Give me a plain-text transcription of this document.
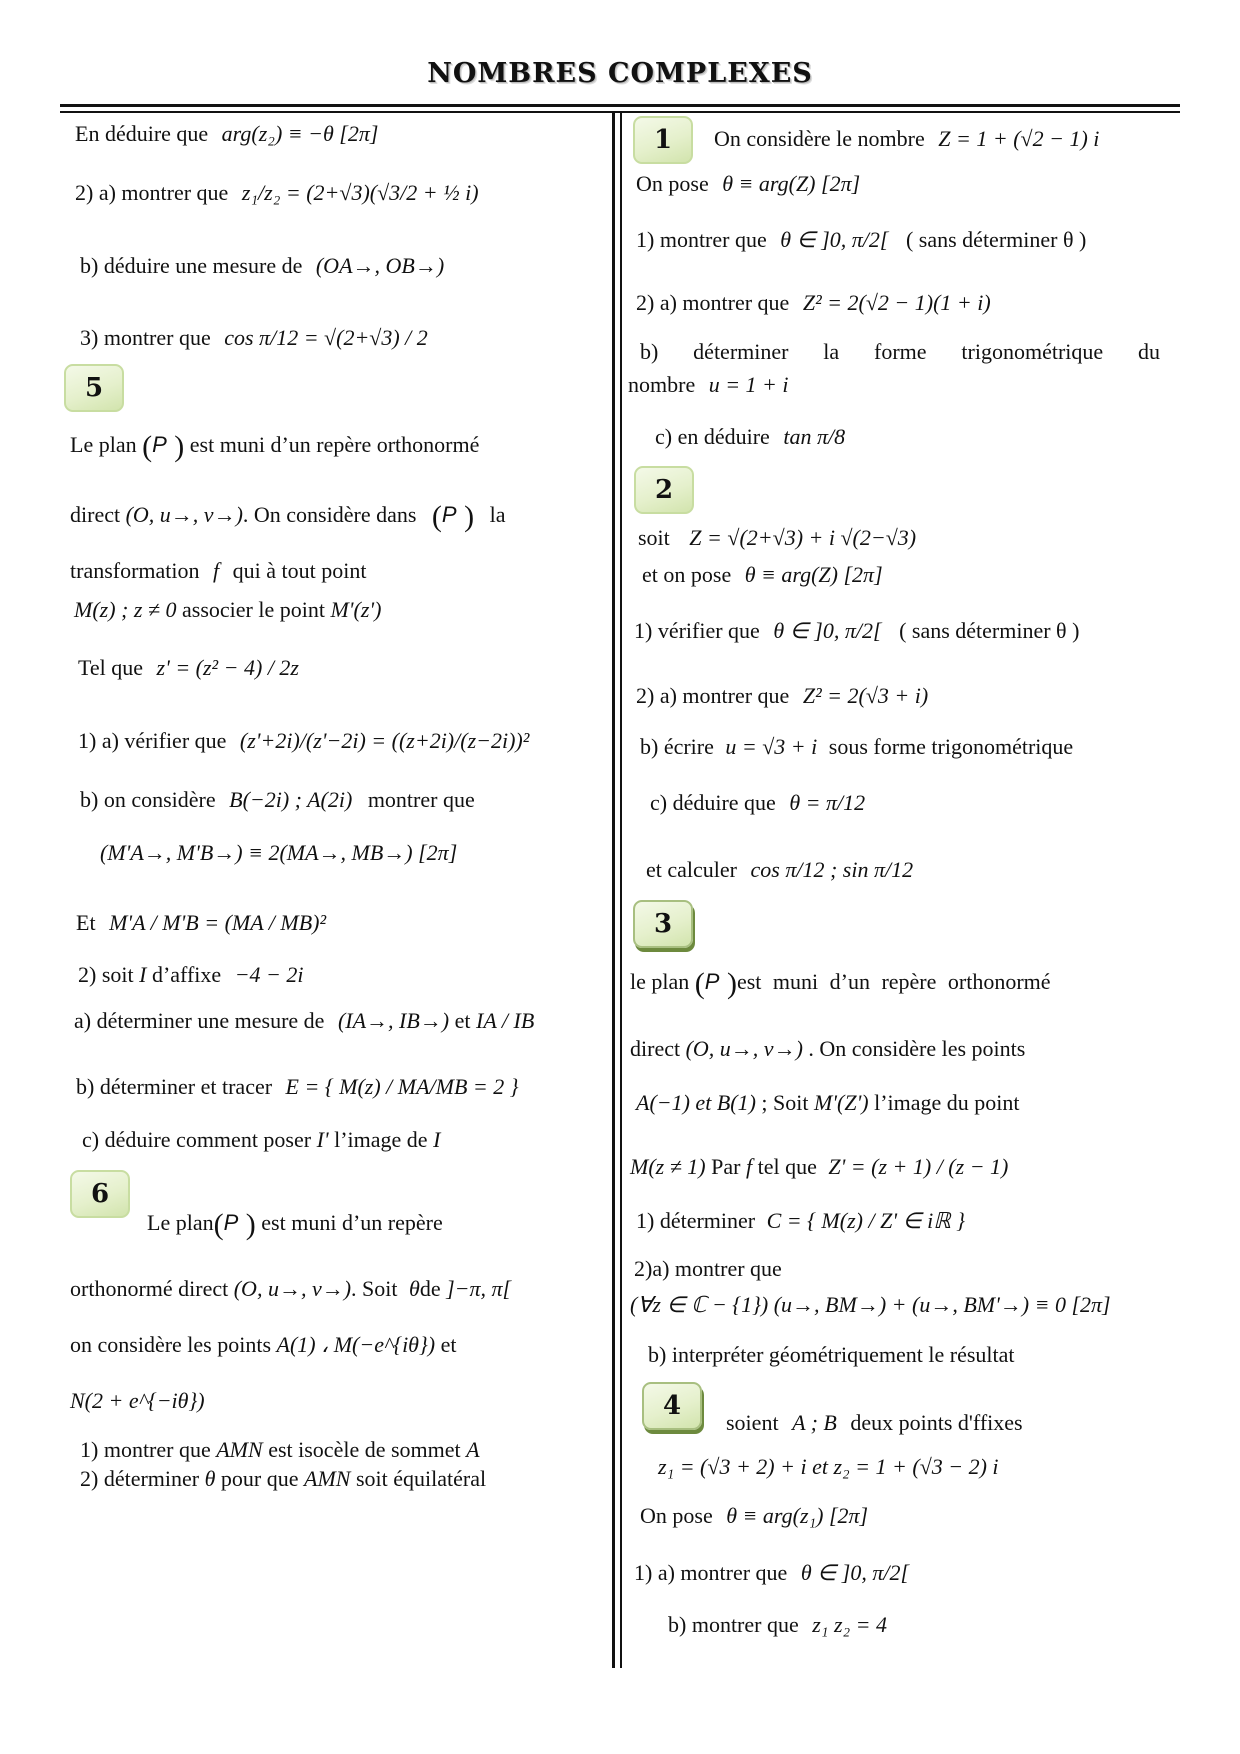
NOMBRES COMPLEXES
En déduire que arg(z₂) ≡ −θ [2π]
2) a) montrer que z₁/z₂ = (2+√3)(√3/2 + ½ i)
b) déduire une mesure de (OA→, OB→)
3) montrer que cos π/12 = √(2+√3) / 2
5
Le plan (P ) est muni d’un repère orthonormé
direct (O, u→, v→). On considère dans (P ) la
transformation f qui à tout point
M(z) ; z ≠ 0 associer le point M'(z')
Tel que z' = (z² − 4) / 2z
1) a) vérifier que (z'+2i)/(z'−2i) = ((z+2i)/(z−2i))²
b) on considère B(−2i) ; A(2i) montrer que
(M'A→, M'B→) ≡ 2(MA→, MB→) [2π]
Et M'A / M'B = (MA / MB)²
2) soit I d’affixe −4 − 2i
a) déterminer une mesure de (IA→, IB→) et IA / IB
b) déterminer et tracer E = { M(z) / MA/MB = 2 }
c) déduire comment poser I' l’image de I
6
Le plan(P ) est muni d’un repère
orthonormé direct (O, u→, v→). Soit θde ]−π, π[
on considère les points A(1) ، M(−e^{iθ}) et
N(2 + e^{−iθ})
1) montrer que AMN est isocèle de sommet A
2) déterminer θ pour que AMN soit équilatéral
1	On considère le nombre Z = 1 + (√2 − 1) i
On pose θ ≡ arg(Z) [2π]
1) montrer que θ ∈ ]0, π/2[ ( sans déterminer θ )
2) a) montrer que Z² = 2(√2 − 1)(1 + i)
b) déterminer la forme trigonométrique du
nombre u = 1 + i
c) en déduire tan π/8
2
soit Z = √(2+√3) + i √(2−√3)
et on pose θ ≡ arg(Z) [2π]
1) vérifier que θ ∈ ]0, π/2[ ( sans déterminer θ )
2) a) montrer que Z² = 2(√3 + i)
b) écrire u = √3 + i sous forme trigonométrique
c) déduire que θ = π/12
et calculer cos π/12 ; sin π/12
3
le plan (P )est muni d’un repère orthonormé
direct (O, u→, v→) . On considère les points
A(−1) et B(1) ; Soit M'(Z') l’image du point
M(z ≠ 1) Par f tel que Z' = (z + 1) / (z − 1)
1) déterminer C = { M(z) / Z' ∈ iℝ }
2)a) montrer que
(∀z ∈ ℂ − {1}) (u→, BM→) + (u→, BM'→) ≡ 0 [2π]
b) interpréter géométriquement le résultat
4
soient A ; B deux points d'ffixes
z₁ = (√3 + 2) + i et z₂ = 1 + (√3 − 2) i
On pose θ ≡ arg(z₁) [2π]
1) a) montrer que θ ∈ ]0, π/2[
b) montrer que z₁ z₂ = 4
